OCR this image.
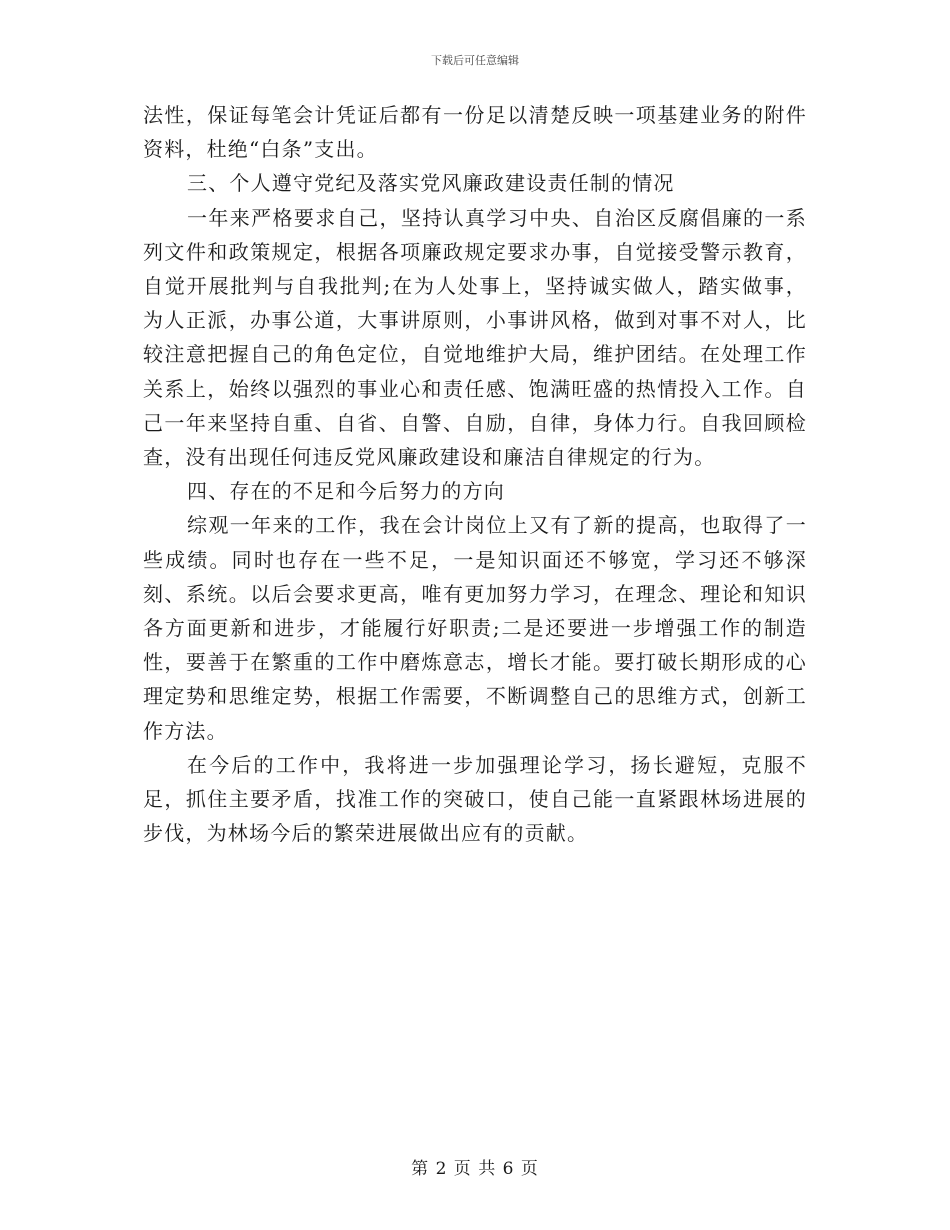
下载后可任意编辑

法性，保证每笔会计凭证后都有一份足以清楚反映一项基建业务的附件资料，杜绝“白条”支出。

三、个人遵守党纪及落实党风廉政建设责任制的情况

一年来严格要求自己，坚持认真学习中央、自治区反腐倡廉的一系列文件和政策规定，根据各项廉政规定要求办事，自觉接受警示教育，自觉开展批判与自我批判;在为人处事上，坚持诚实做人，踏实做事，为人正派，办事公道，大事讲原则，小事讲风格，做到对事不对人，比较注意把握自己的角色定位，自觉地维护大局，维护团结。在处理工作关系上，始终以强烈的事业心和责任感、饱满旺盛的热情投入工作。自己一年来坚持自重、自省、自警、自励，自律，身体力行。自我回顾检查，没有出现任何违反党风廉政建设和廉洁自律规定的行为。

四、存在的不足和今后努力的方向

综观一年来的工作，我在会计岗位上又有了新的提高，也取得了一些成绩。同时也存在一些不足，一是知识面还不够宽，学习还不够深刻、系统。以后会要求更高，唯有更加努力学习，在理念、理论和知识各方面更新和进步，才能履行好职责;二是还要进一步增强工作的制造性，要善于在繁重的工作中磨炼意志，增长才能。要打破长期形成的心理定势和思维定势，根据工作需要，不断调整自己的思维方式，创新工作方法。

在今后的工作中，我将进一步加强理论学习，扬长避短，克服不足，抓住主要矛盾，找准工作的突破口，使自己能一直紧跟林场进展的步伐，为林场今后的繁荣进展做出应有的贡献。

第 2 页 共 6 页
